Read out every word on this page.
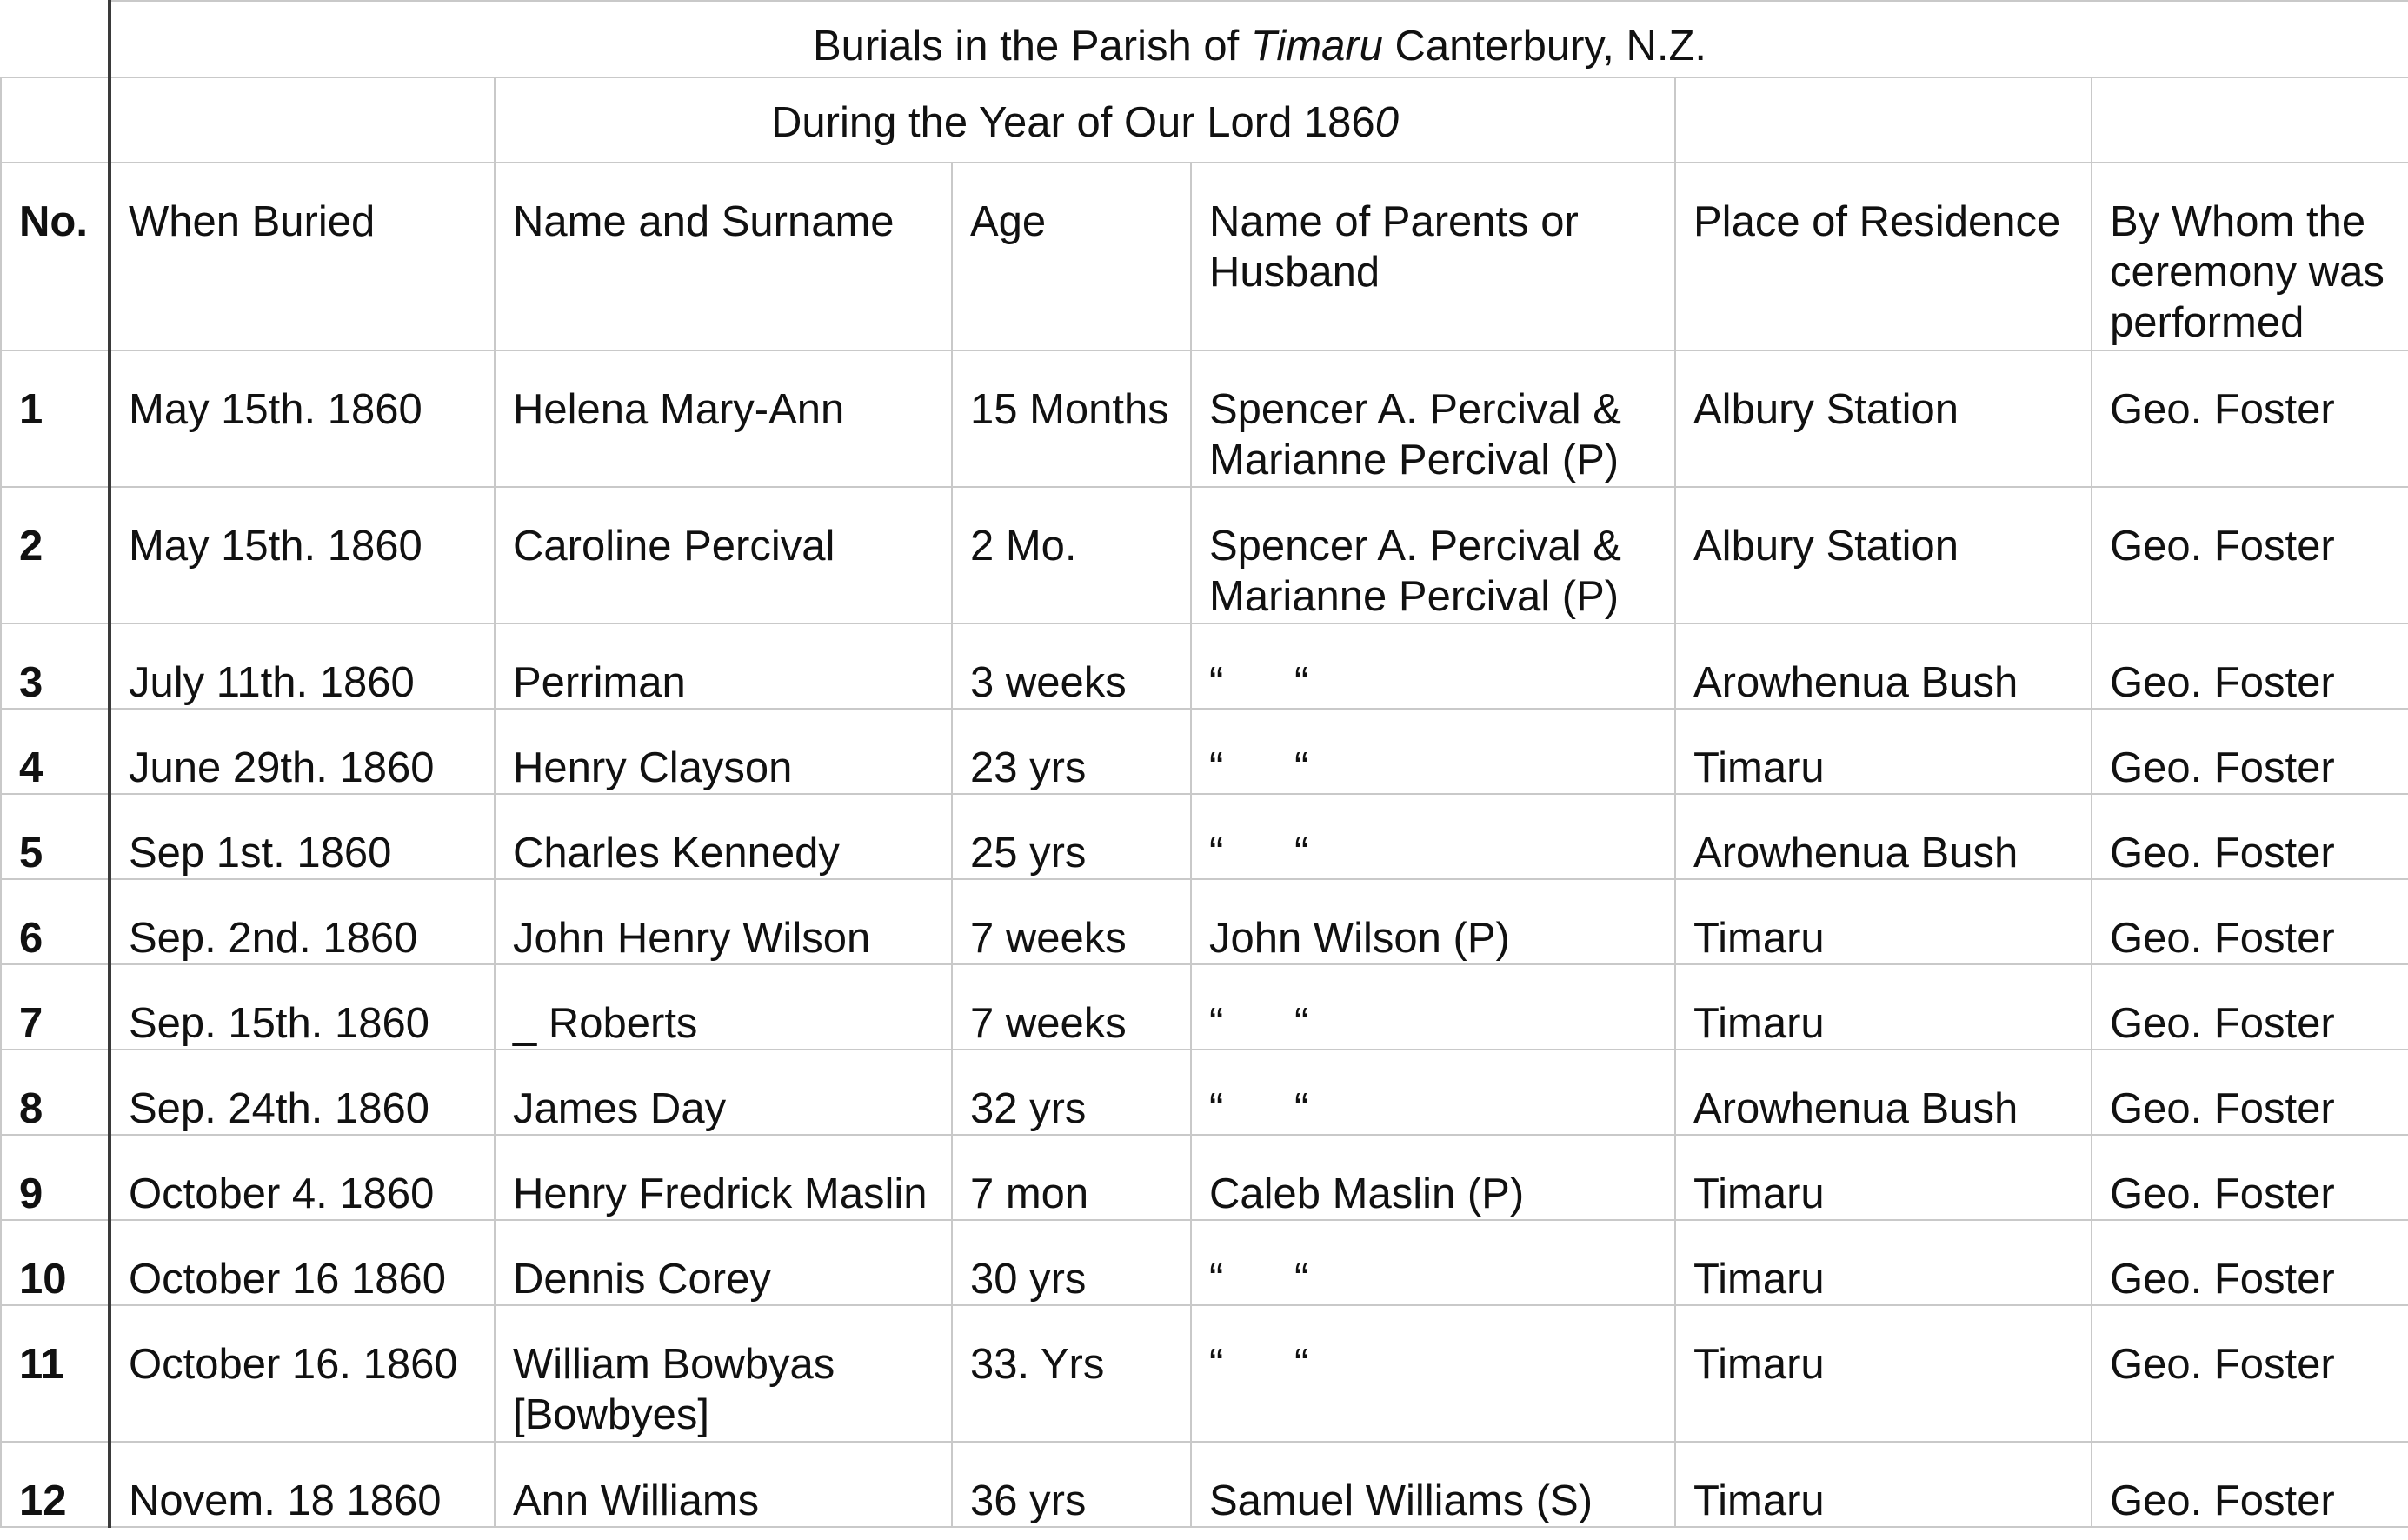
	Burials in the Parish of Timaru Canterbury, N.Z.					
		During the Year of Our Lord 1860				
No.	When Buried	Name and Surname	Age	Name of Parents or Husband	Place of Residence	By Whom the ceremony was performed
1	May 15th. 1860	Helena Mary-Ann	15 Months	Spencer A. Percival & Marianne Percival (P)	Albury Station	Geo. Foster
2	May 15th. 1860	Caroline Percival	2 Mo.	Spencer A. Percival & Marianne Percival (P)	Albury Station	Geo. Foster
3	July 11th. 1860	Perriman	3 weeks	“      “	Arowhenua Bush	Geo. Foster
4	June 29th. 1860	Henry Clayson	23 yrs	“      “	Timaru	Geo. Foster
5	Sep 1st. 1860	Charles Kennedy	25 yrs	“      “	Arowhenua Bush	Geo. Foster
6	Sep. 2nd. 1860	John Henry Wilson	7 weeks	John Wilson (P)	Timaru	Geo. Foster
7	Sep. 15th. 1860	_ Roberts	7 weeks	“      “	Timaru	Geo. Foster
8	Sep. 24th. 1860	James Day	32 yrs	“      “	Arowhenua Bush	Geo. Foster
9	October 4. 1860	Henry Fredrick Maslin	7 mon	Caleb Maslin (P)	Timaru	Geo. Foster
10	October 16 1860	Dennis Corey	30 yrs	“      “	Timaru	Geo. Foster
11	October 16. 1860	William Bowbyas [Bowbyes]	33. Yrs	“      “	Timaru	Geo. Foster
12	Novem. 18 1860	Ann Williams	36 yrs	Samuel Williams (S)	Timaru	Geo. Foster
